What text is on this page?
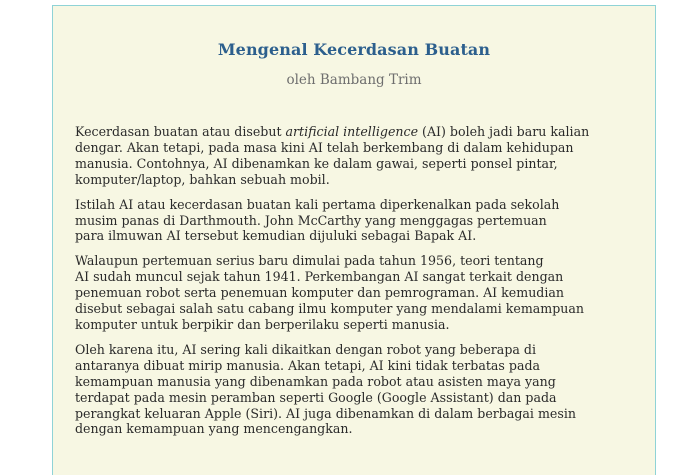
Mengenal Kecerdasan Buatan
oleh Bambang Trim

Kecerdasan buatan atau disebut artificial intelligence (AI) boleh jadi baru kalian
dengar. Akan tetapi, pada masa kini AI telah berkembang di dalam kehidupan
manusia. Contohnya, AI dibenamkan ke dalam gawai, seperti ponsel pintar,
komputer/laptop, bahkan sebuah mobil.

Istilah AI atau kecerdasan buatan kali pertama diperkenalkan pada sekolah
musim panas di Darthmouth. John McCarthy yang menggagas pertemuan
para ilmuwan AI tersebut kemudian dijuluki sebagai Bapak AI.

Walaupun pertemuan serius baru dimulai pada tahun 1956, teori tentang
AI sudah muncul sejak tahun 1941. Perkembangan AI sangat terkait dengan
penemuan robot serta penemuan komputer dan pemrograman. AI kemudian
disebut sebagai salah satu cabang ilmu komputer yang mendalami kemampuan
komputer untuk berpikir dan berperilaku seperti manusia.

Oleh karena itu, AI sering kali dikaitkan dengan robot yang beberapa di
antaranya dibuat mirip manusia. Akan tetapi, AI kini tidak terbatas pada
kemampuan manusia yang dibenamkan pada robot atau asisten maya yang
terdapat pada mesin peramban seperti Google (Google Assistant) dan pada
perangkat keluaran Apple (Siri). AI juga dibenamkan di dalam berbagai mesin
dengan kemampuan yang mencengangkan.
